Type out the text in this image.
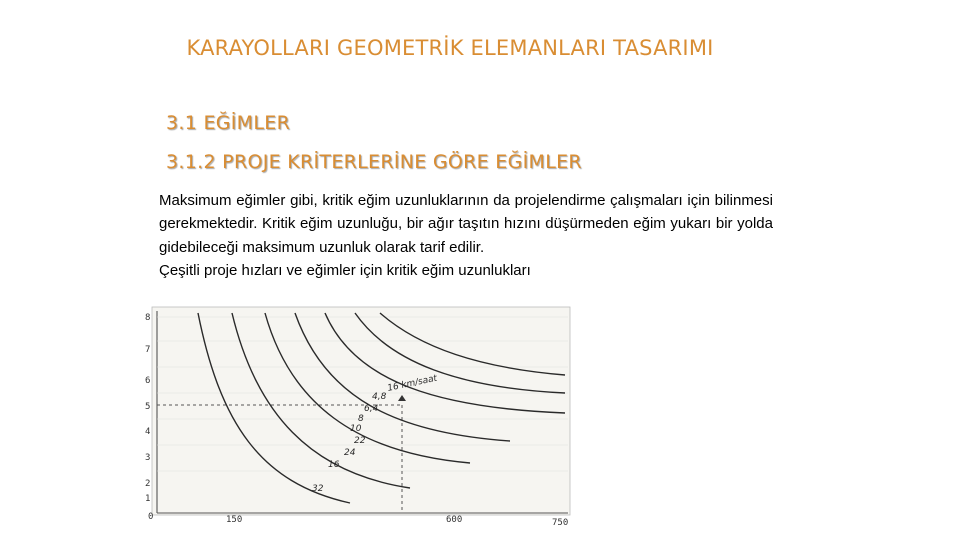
KARAYOLLARI GEOMETRİK ELEMANLARI TASARIMI
3.1 EĞİMLER
3.1.2 PROJE KRİTERLERİNE GÖRE EĞİMLER

Maksimum eğimler gibi, kritik eğim uzunluklarının da projelendirme çalışmaları için bilinmesi gerekmektedir. Kritik eğim uzunluğu, bir ağır taşıtın hızını düşürmeden eğim yukarı bir yolda gidebileceği maksimum uzunluk olarak tarif edilir.

Çeşitli proje hızları ve eğimler için kritik eğim uzunlukları

8
7
6
5
4
3
2
1
0	150	600	750
16 km/saat
4,8
6,4
8
10
16
22
24
32
